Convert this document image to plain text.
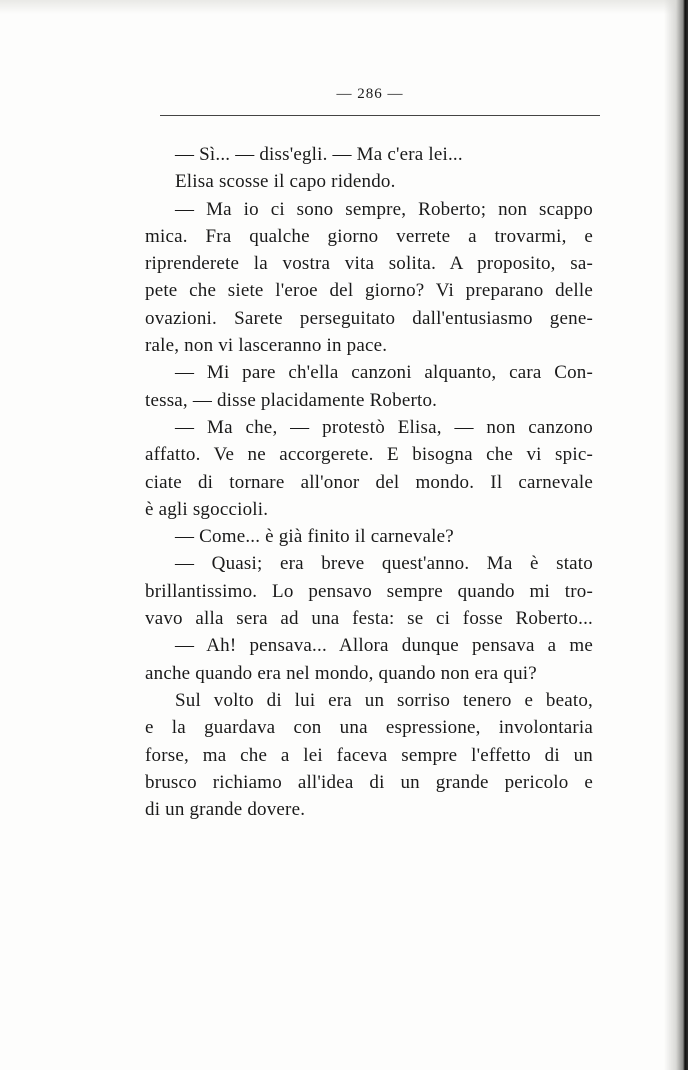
— 286 —
— Sì... — diss'egli. — Ma c'era lei...
Elisa scosse il capo ridendo.
— Ma io ci sono sempre, Roberto; non scappo
mica. Fra qualche giorno verrete a trovarmi, e
riprenderete la vostra vita solita. A proposito, sa-
pete che siete l'eroe del giorno? Vi preparano delle
ovazioni. Sarete perseguitato dall'entusiasmo gene-
rale, non vi lasceranno in pace.
— Mi pare ch'ella canzoni alquanto, cara Con-
tessa, — disse placidamente Roberto.
— Ma che, — protestò Elisa, — non canzono
affatto. Ve ne accorgerete. E bisogna che vi spic-
ciate di tornare all'onor del mondo. Il carnevale
è agli sgoccioli.
— Come... è già finito il carnevale?
— Quasi; era breve quest'anno. Ma è stato
brillantissimo. Lo pensavo sempre quando mi tro-
vavo alla sera ad una festa: se ci fosse Roberto...
— Ah! pensava... Allora dunque pensava a me
anche quando era nel mondo, quando non era qui?
Sul volto di lui era un sorriso tenero e beato,
e la guardava con una espressione, involontaria
forse, ma che a lei faceva sempre l'effetto di un
brusco richiamo all'idea di un grande pericolo e
di un grande dovere.
